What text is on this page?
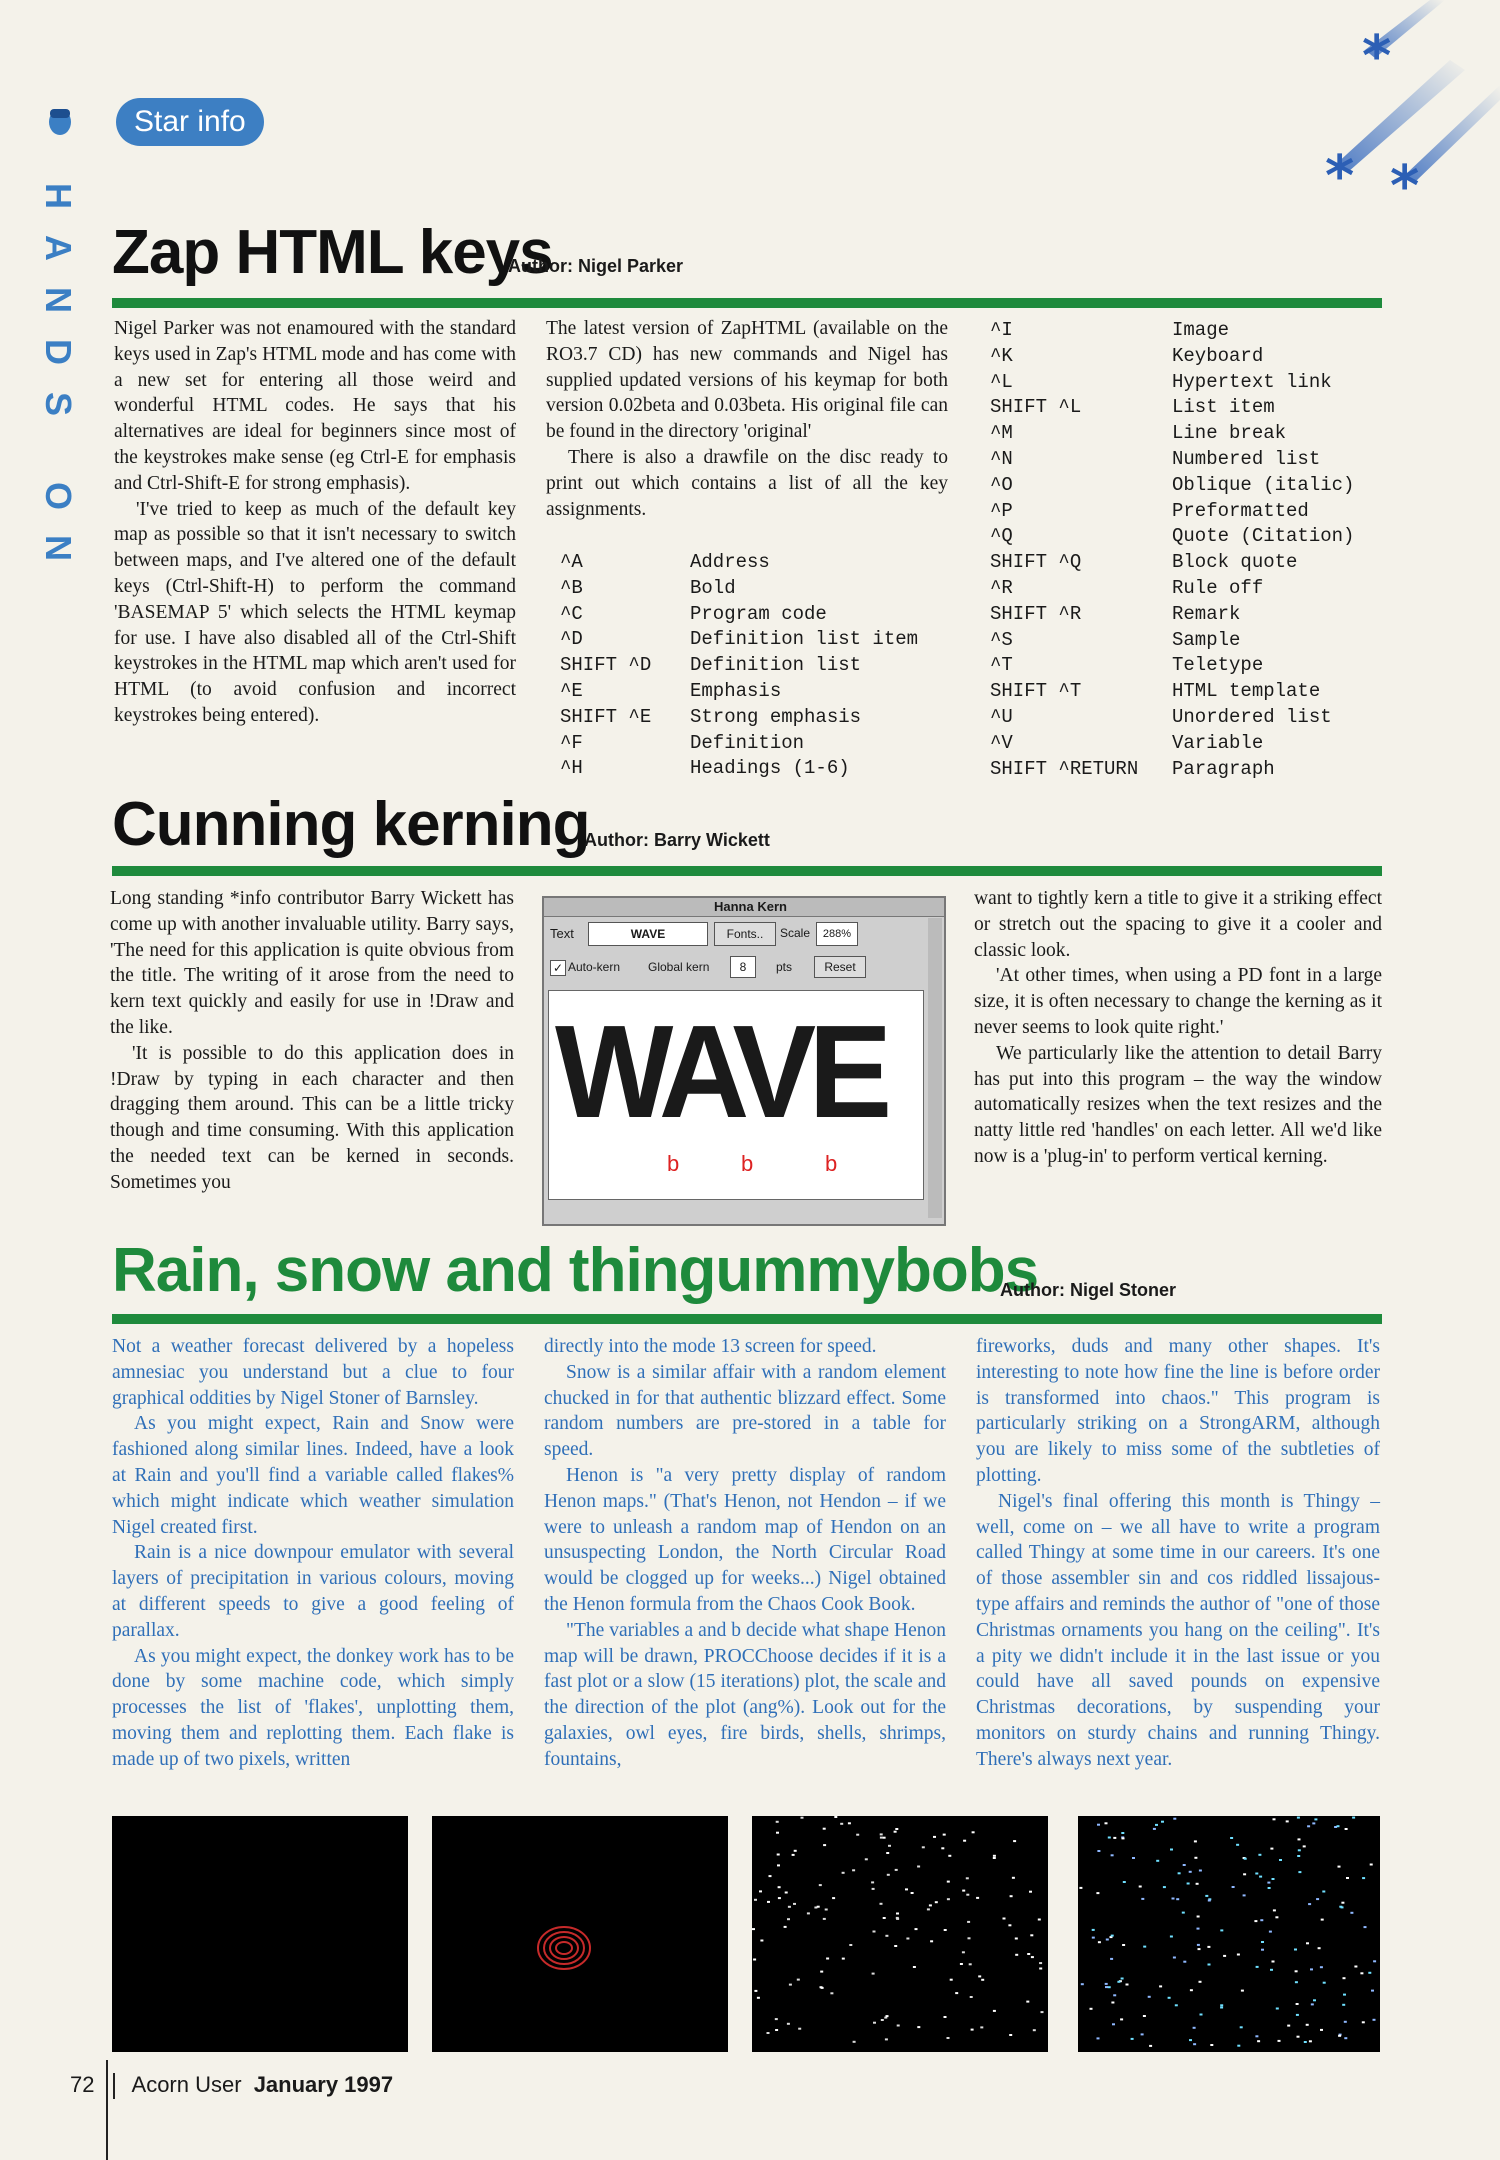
*
* *
Star info
H
A
N
D
S
O
N
Zap HTML keys
Author: Nigel Parker

Nigel Parker was not enamoured with the standard keys used in Zap's HTML mode and has come with a new set for entering all those weird and wonderful HTML codes. He says that his alternatives are ideal for beginners since most of the keystrokes make sense (eg Ctrl-E for emphasis and Ctrl-Shift-E for strong emphasis).

'I've tried to keep as much of the default key map as possible so that it isn't necessary to switch between maps, and I've altered one of the default keys (Ctrl-Shift-H) to perform the command 'BASEMAP 5' which selects the HTML keymap for use. I have also disabled all of the Ctrl-Shift keystrokes in the HTML map which aren't used for HTML (to avoid confusion and incorrect keystrokes being entered).

The latest version of ZapHTML (available on the RO3.7 CD) has new commands and Nigel has supplied updated versions of his keymap for both version 0.02beta and 0.03beta. His original file can be found in the directory 'original'

There is also a drawfile on the disc ready to print out which contains a list of all the key assignments.

^A	Address
^B	Bold
^C	Program code
^D	Definition list item
SHIFT ^D	Definition list
^E	Emphasis
SHIFT ^E	Strong emphasis
^F	Definition
^H	Headings (1-6)
^I	Image
^K	Keyboard
^L	Hypertext link
SHIFT ^L	List item
^M	Line break
^N	Numbered list
^O	Oblique (italic)
^P	Preformatted
^Q	Quote (Citation)
SHIFT ^Q	Block quote
^R	Rule off
SHIFT ^R	Remark
^S	Sample
^T	Teletype
SHIFT ^T	HTML template
^U	Unordered list
^V	Variable
SHIFT ^RETURN	Paragraph
Cunning kerning
Author: Barry Wickett

Long standing *info contributor Barry Wickett has come up with another invaluable utility. Barry says, 'The need for this application is quite obvious from the title. The writing of it arose from the need to kern text quickly and easily for use in !Draw and the like.

'It is possible to do this application does in !Draw by typing in each character and then dragging them around. This can be a little tricky though and time consuming. With this application the needed text can be kerned in seconds. Sometimes you

Hanna Kern
Text	WAVE	Fonts..	Scale	288%
✓ Auto-kern Global kern	8	pts	Reset
WAVE
b	b	b

want to tightly kern a title to give it a striking effect or stretch out the spacing to give it a cooler and classic look.

'At other times, when using a PD font in a large size, it is often necessary to change the kerning as it never seems to look quite right.'

We particularly like the attention to detail Barry has put into this program – the way the window automatically resizes when the text resizes and the natty little red 'handles' on each letter. All we'd like now is a 'plug-in' to perform vertical kerning.

Rain, snow and thingummybobs
Author: Nigel Stoner

Not a weather forecast delivered by a hopeless amnesiac you understand but a clue to four graphical oddities by Nigel Stoner of Barnsley.

As you might expect, Rain and Snow were fashioned along similar lines. Indeed, have a look at Rain and you'll find a variable called flakes% which might indicate which weather simulation Nigel created first.

Rain is a nice downpour emulator with several layers of precipitation in various colours, moving at different speeds to give a good feeling of parallax.

As you might expect, the donkey work has to be done by some machine code, which simply processes the list of 'flakes', unplotting them, moving them and replotting them. Each flake is made up of two pixels, written

directly into the mode 13 screen for speed.

Snow is a similar affair with a random element chucked in for that authentic blizzard effect. Some random numbers are pre-stored in a table for speed.

Henon is "a very pretty display of random Henon maps." (That's Henon, not Hendon – if we were to unleash a random map of Hendon on an unsuspecting London, the North Circular Road would be clogged up for weeks...) Nigel obtained the Henon formula from the Chaos Cook Book.

"The variables a and b decide what shape Henon map will be drawn, PROCChoose decides if it is a fast plot or a slow (15 iterations) plot, the scale and the direction of the plot (ang%). Look out for the galaxies, owl eyes, fire birds, shells, shrimps, fountains,

fireworks, duds and many other shapes. It's interesting to note how fine the line is before order is transformed into chaos." This program is particularly striking on a StrongARM, although you are likely to miss some of the subtleties of plotting.

Nigel's final offering this month is Thingy – well, come on – we all have to write a program called Thingy at some time in our careers. It's one of those assembler sin and cos riddled lissajous-type affairs and reminds the author of "one of those Christmas ornaments you hang on the ceiling". It's a pity we didn't include it in the last issue or you could have all saved pounds on expensive Christmas decorations, by suspending your monitors on sturdy chains and running Thingy. There's always next year.

72 Acorn User January 1997
